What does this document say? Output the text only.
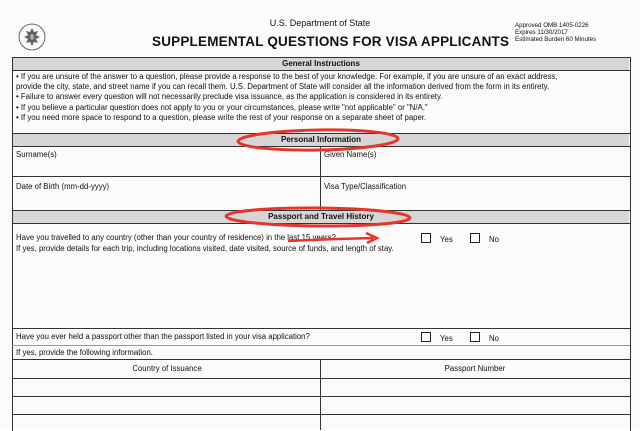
U.S. Department of State
SUPPLEMENTAL QUESTIONS FOR VISA APPLICANTS
Approved OMB 1405-0226
Expires 11/30/2017
Estimated Burden 60 Minutes
General Instructions
• If you are unsure of the answer to a question, please provide a response to the best of your knowledge. For example, if you are unsure of an exact address,
provide the city, state, and street name if you can recall them. U.S. Department of State will consider all the information derived from the form in its entirety.
• Failure to answer every question will not necessarily preclude visa issuance, as the application is considered in its entirety.
• If you believe a particular question does not apply to you or your circumstances, please write "not applicable" or "N/A."
• If you need more space to respond to a question, please write the rest of your response on a separate sheet of paper.
Personal Information
Surname(s)	Given Name(s)
Date of Birth (mm-dd-yyyy)	Visa Type/Classification
Passport and Travel History
Have you travelled to any country (other than your country of residence) in the last 15 years?	Yes	No
If yes, provide details for each trip, including locations visited, date visited, source of funds, and length of stay.
Have you ever held a passport other than the passport listed in your visa application?	Yes	No
If yes, provide the following information.
Country of Issuance	Passport Number
